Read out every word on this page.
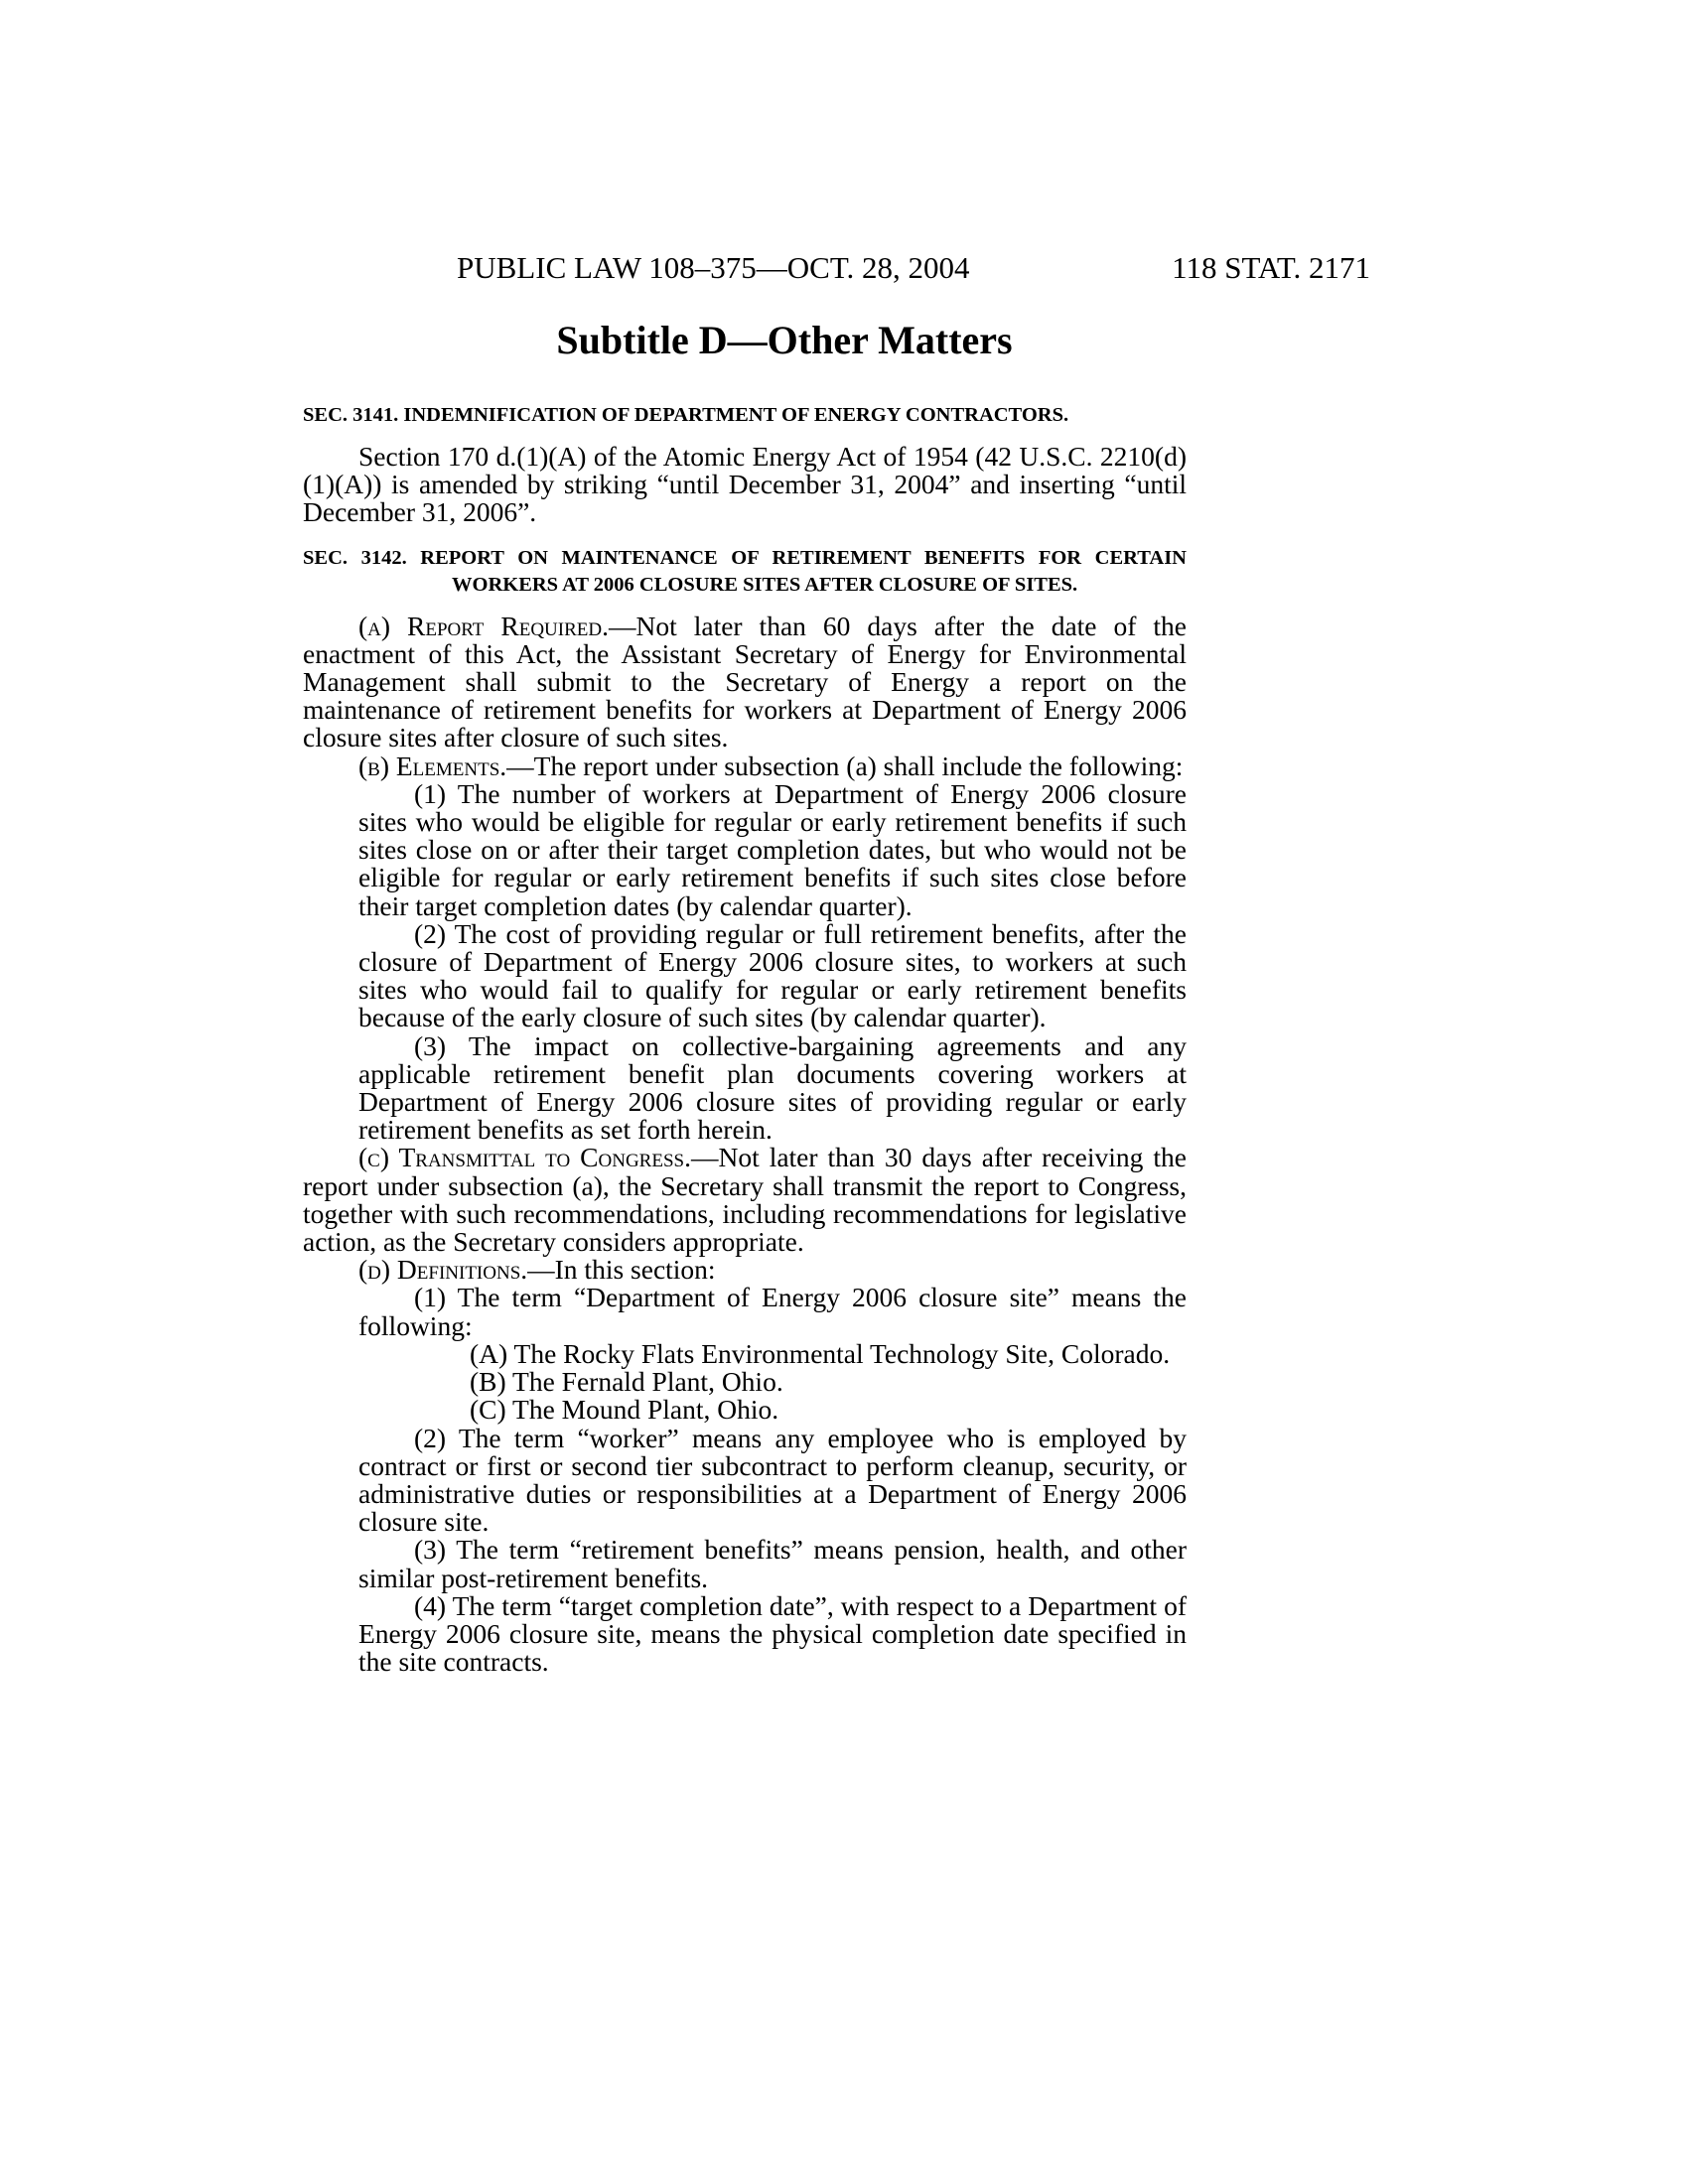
PUBLIC LAW 108–375—OCT. 28, 2004	118 STAT. 2171
Subtitle D—Other Matters
SEC. 3141. INDEMNIFICATION OF DEPARTMENT OF ENERGY CONTRACTORS.

Section 170 d.(1)(A) of the Atomic Energy Act of 1954 (42 U.S.C. 2210(d)(1)(A)) is amended by striking “until December 31, 2004” and inserting “until December 31, 2006”.

SEC. 3142. REPORT ON MAINTENANCE OF RETIREMENT BENEFITS FOR CERTAIN WORKERS AT 2006 CLOSURE SITES AFTER CLOSURE OF SITES.

(a) Report Required.—Not later than 60 days after the date of the enactment of this Act, the Assistant Secretary of Energy for Environmental Management shall submit to the Secretary of Energy a report on the maintenance of retirement benefits for workers at Department of Energy 2006 closure sites after closure of such sites.

(b) Elements.—The report under subsection (a) shall include the following:

(1) The number of workers at Department of Energy 2006 closure sites who would be eligible for regular or early retirement benefits if such sites close on or after their target completion dates, but who would not be eligible for regular or early retirement benefits if such sites close before their target completion dates (by calendar quarter).

(2) The cost of providing regular or full retirement benefits, after the closure of Department of Energy 2006 closure sites, to workers at such sites who would fail to qualify for regular or early retirement benefits because of the early closure of such sites (by calendar quarter).

(3) The impact on collective-bargaining agreements and any applicable retirement benefit plan documents covering workers at Department of Energy 2006 closure sites of providing regular or early retirement benefits as set forth herein.

(c) Transmittal to Congress.—Not later than 30 days after receiving the report under subsection (a), the Secretary shall transmit the report to Congress, together with such recommendations, including recommendations for legislative action, as the Secretary considers appropriate.

(d) Definitions.—In this section:

(1) The term “Department of Energy 2006 closure site” means the following:

(A) The Rocky Flats Environmental Technology Site, Colorado.

(B) The Fernald Plant, Ohio.

(C) The Mound Plant, Ohio.

(2) The term “worker” means any employee who is employed by contract or first or second tier subcontract to perform cleanup, security, or administrative duties or responsibilities at a Department of Energy 2006 closure site.

(3) The term “retirement benefits” means pension, health, and other similar post-retirement benefits.

(4) The term “target completion date”, with respect to a Department of Energy 2006 closure site, means the physical completion date specified in the site contracts.
